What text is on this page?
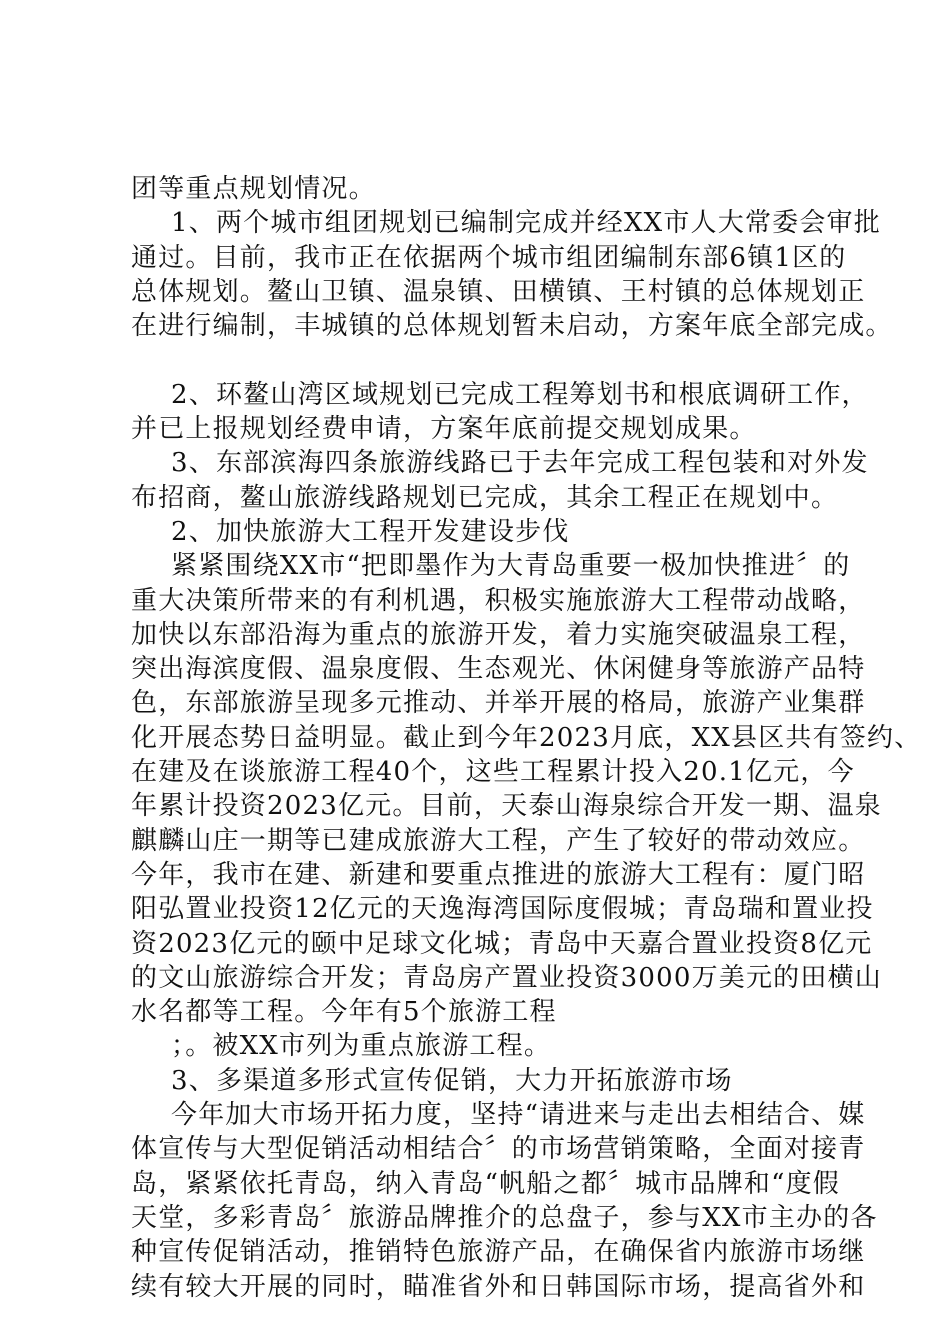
团等重点规划情况。
1、两个城市组团规划已编制完成并经XX市人大常委会审批
通过。目前，我市正在依据两个城市组团编制东部6镇1区的
总体规划。鳌山卫镇、温泉镇、田横镇、王村镇的总体规划正
在进行编制，丰城镇的总体规划暂未启动，方案年底全部完成。
2、环鳌山湾区域规划已完成工程筹划书和根底调研工作，
并已上报规划经费申请，方案年底前提交规划成果。
3、东部滨海四条旅游线路已于去年完成工程包装和对外发
布招商，鳌山旅游线路规划已完成，其余工程正在规划中。
2、加快旅游大工程开发建设步伐
紧紧围绕XX市“把即墨作为大青岛重要一极加快推进〞的
重大决策所带来的有利机遇，积极实施旅游大工程带动战略，
加快以东部沿海为重点的旅游开发，着力实施突破温泉工程，
突出海滨度假、温泉度假、生态观光、休闲健身等旅游产品特
色，东部旅游呈现多元推动、并举开展的格局，旅游产业集群
化开展态势日益明显。截止到今年2023月底，XX县区共有签约、
在建及在谈旅游工程40个，这些工程累计投入20.1亿元，今
年累计投资2023亿元。目前，天泰山海泉综合开发一期、温泉
麒麟山庄一期等已建成旅游大工程，产生了较好的带动效应。
今年，我市在建、新建和要重点推进的旅游大工程有：厦门昭
阳弘置业投资12亿元的天逸海湾国际度假城；青岛瑞和置业投
资2023亿元的颐中足球文化城；青岛中天嘉合置业投资8亿元
的文山旅游综合开发；青岛房产置业投资3000万美元的田横山
水名都等工程。今年有5个旅游工程
；。被XX市列为重点旅游工程。
3、多渠道多形式宣传促销，大力开拓旅游市场
今年加大市场开拓力度，坚持“请进来与走出去相结合、媒
体宣传与大型促销活动相结合〞的市场营销策略，全面对接青
岛，紧紧依托青岛，纳入青岛“帆船之都〞城市品牌和“度假
天堂，多彩青岛〞旅游品牌推介的总盘子，参与XX市主办的各
种宣传促销活动，推销特色旅游产品，在确保省内旅游市场继
续有较大开展的同时，瞄准省外和日韩国际市场，提高省外和
